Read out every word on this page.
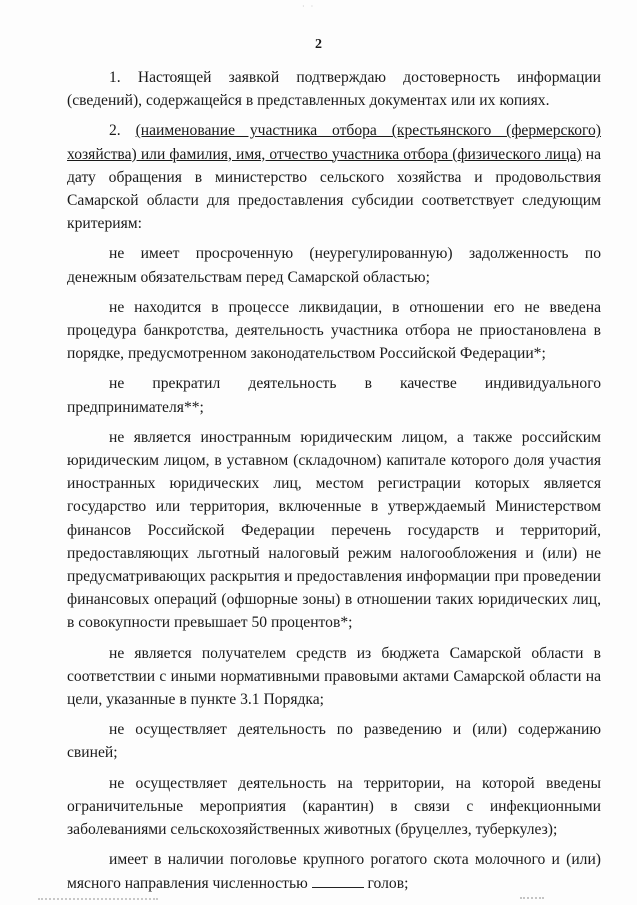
· ·
2

1. Настоящей заявкой подтверждаю достоверность информации (сведений), содержащейся в представленных документах или их копиях.

2. (наименование участника отбора (крестьянского (фермерского) хозяйства) или фамилия, имя, отчество участника отбора (физического лица) на дату обращения в министерство сельского хозяйства и продовольствия Самарской области для предоставления субсидии соответствует следующим критериям:

не имеет просроченную (неурегулированную) задолженность по денежным обязательствам перед Самарской областью;

не находится в процессе ликвидации, в отношении его не введена процедура банкротства, деятельность участника отбора не приостановлена в порядке, предусмотренном законодательством Российской Федерации*;

не прекратил деятельность в качестве индивидуального предпринимателя**;

не является иностранным юридическим лицом, а также российским юридическим лицом, в уставном (складочном) капитале которого доля участия иностранных юридических лиц, местом регистрации которых является государство или территория, включенные в утверждаемый Министерством финансов Российской Федерации перечень государств и территорий, предоставляющих льготный налоговый режим налогообложения и (или) не предусматривающих раскрытия и предоставления информации при проведении финансовых операций (офшорные зоны) в отношении таких юридических лиц, в совокупности превышает 50 процентов*;

не является получателем средств из бюджета Самарской области в соответствии с иными нормативными правовыми актами Самарской области на цели, указанные в пункте 3.1 Порядка;

не осуществляет деятельность по разведению и (или) содержанию свиней;

не осуществляет деятельность на территории, на которой введены ограничительные мероприятия (карантин) в связи с инфекционными заболеваниями сельскохозяйственных животных (бруцеллез, туберкулез);

имеет в наличии поголовье крупного рогатого скота молочного и (или) мясного направления численностью	голов;
